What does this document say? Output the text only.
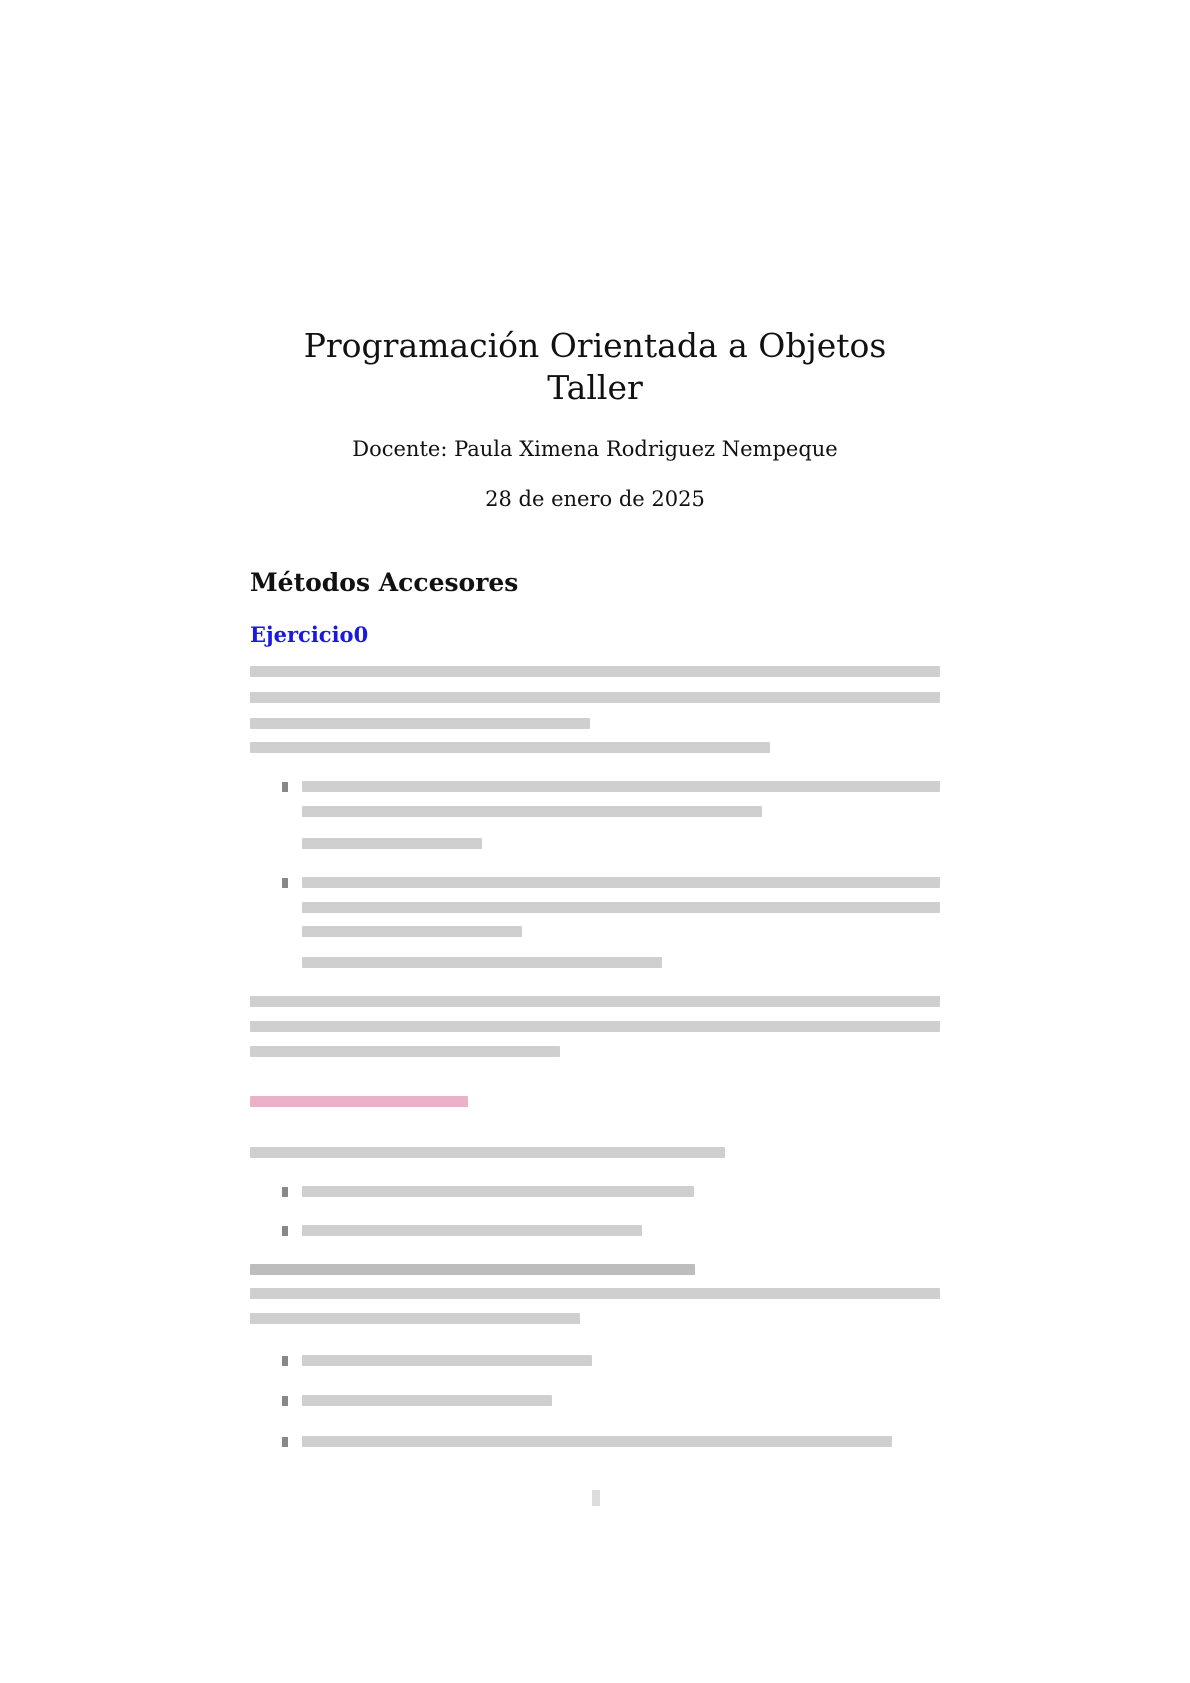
Programación Orientada a Objetos
Taller
Docente: Paula Ximena Rodriguez Nempeque
28 de enero de 2025
Métodos Accesores
Ejercicio0
